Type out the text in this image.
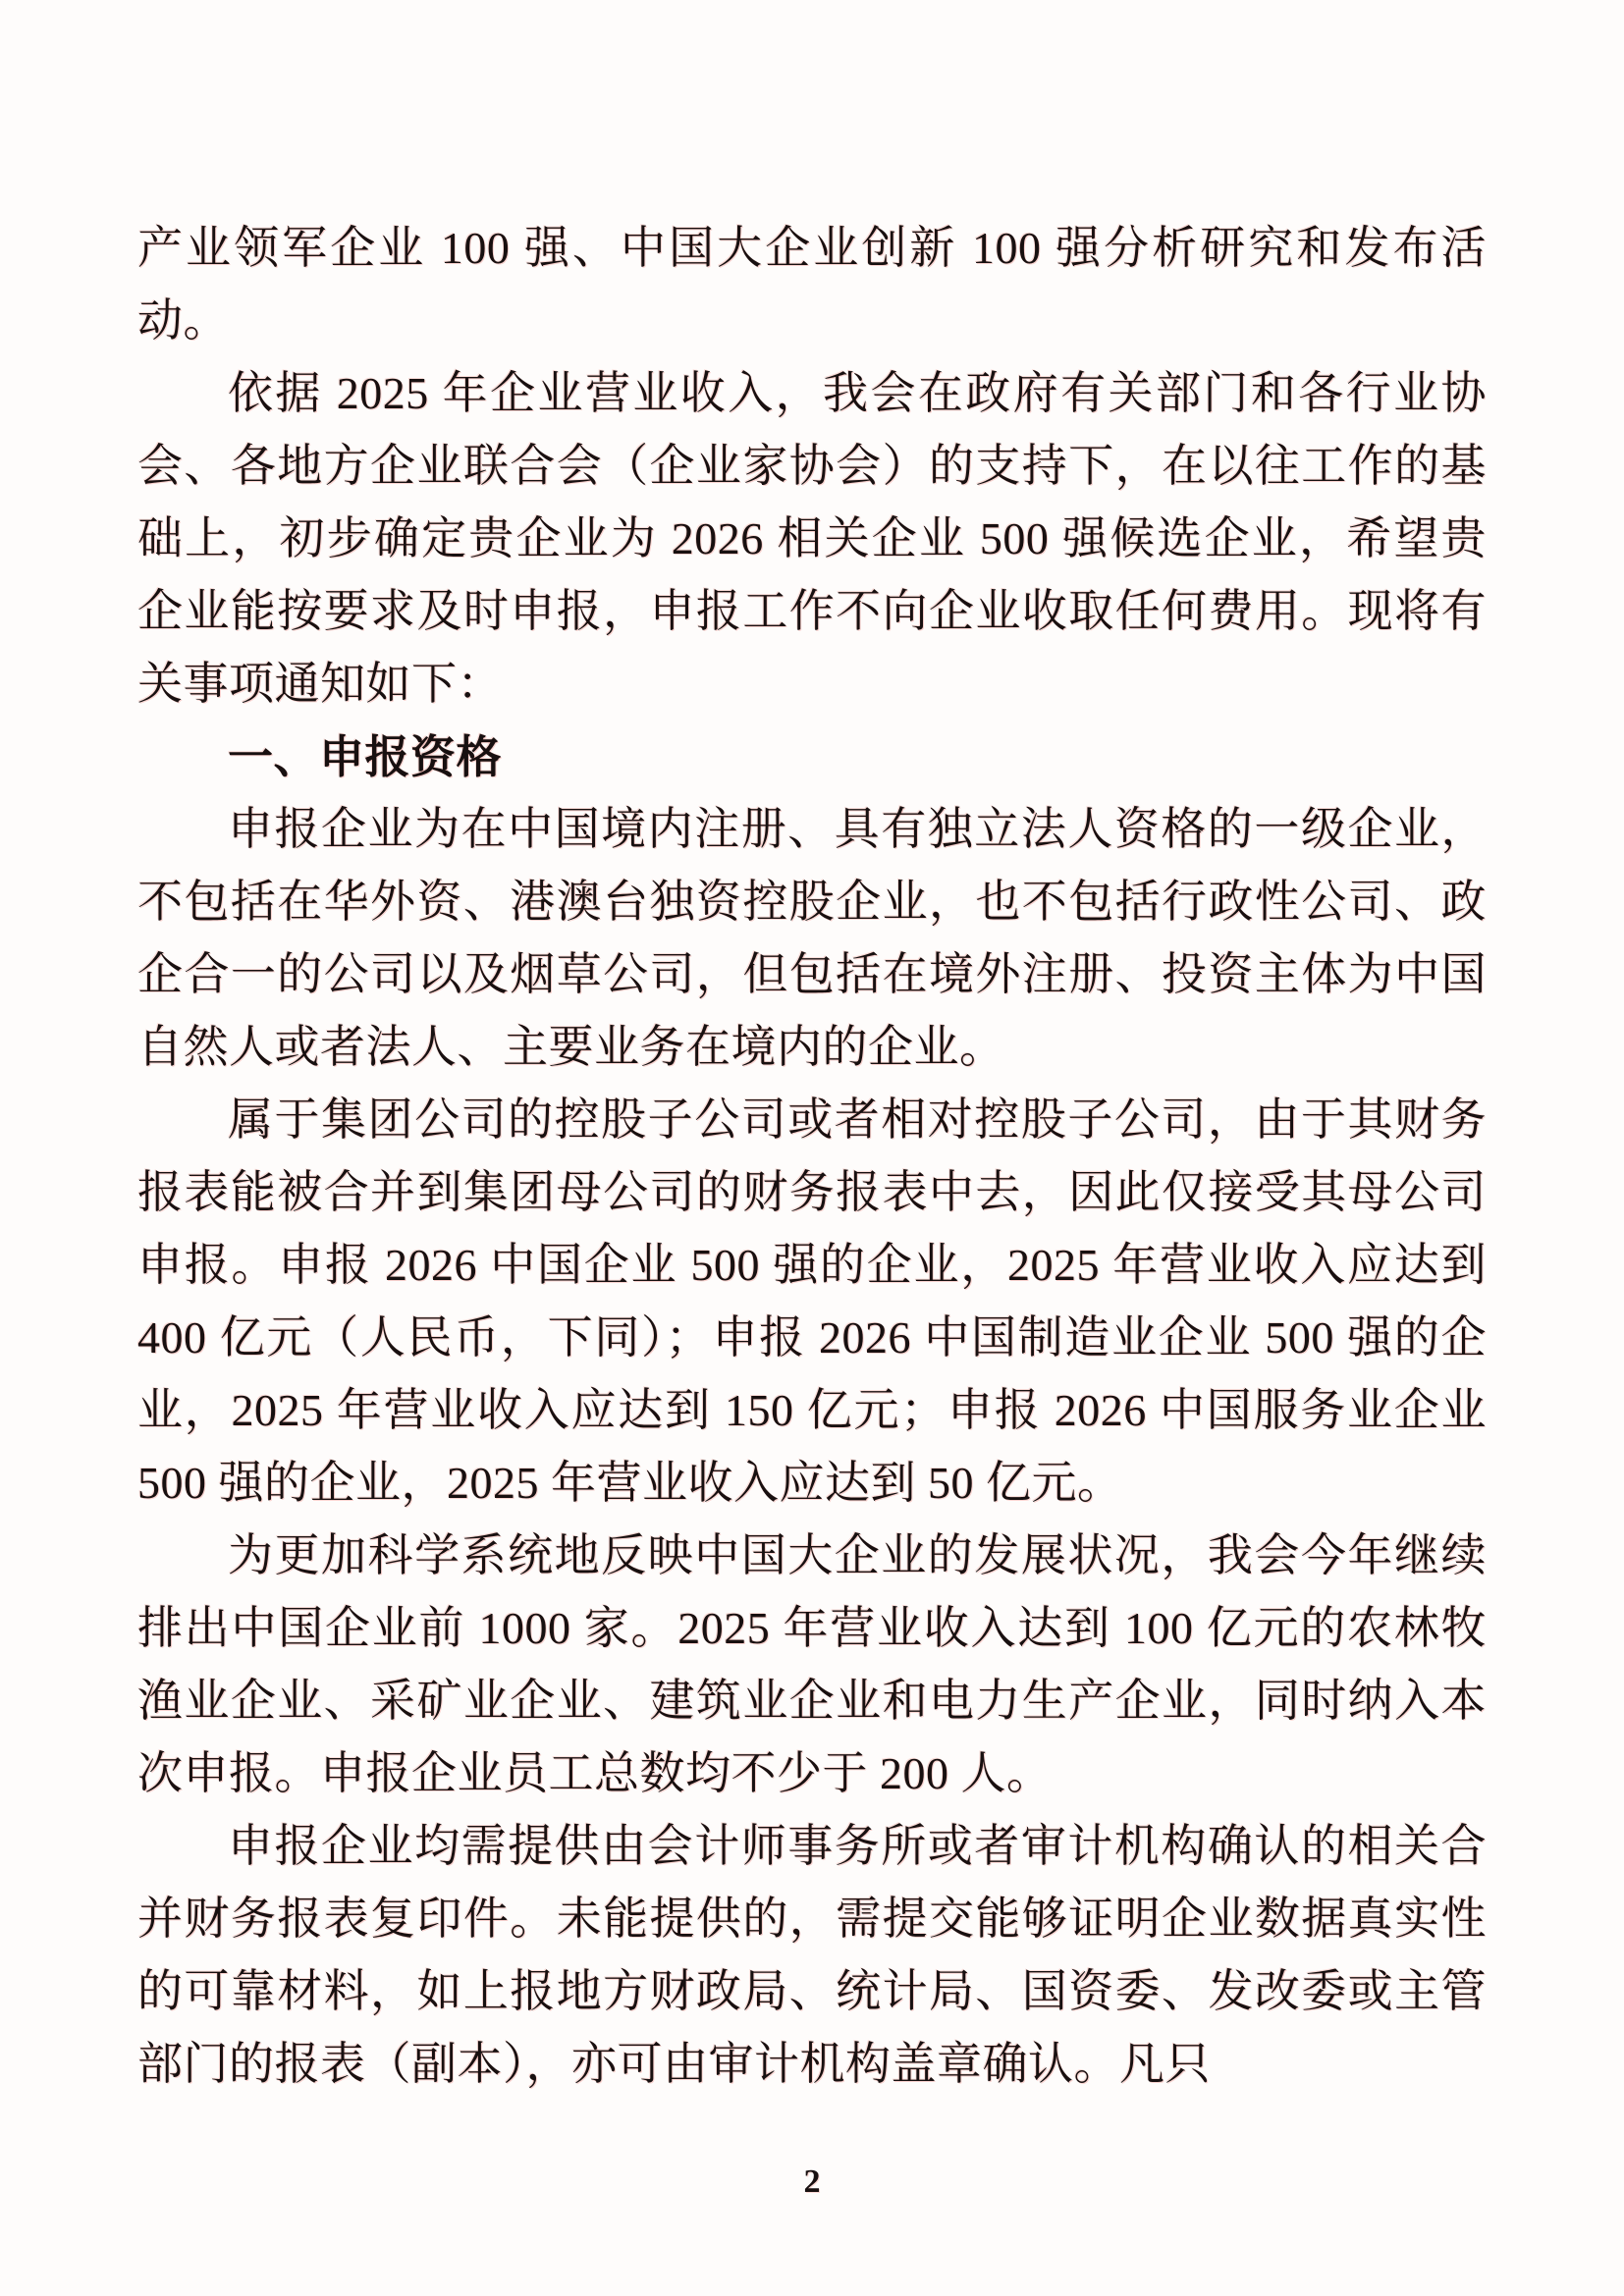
产业领军企业 100 强、中国大企业创新 100 强分析研究和发布活动。

依据 2025 年企业营业收入，我会在政府有关部门和各行业协会、各地方企业联合会（企业家协会）的支持下，在以往工作的基础上，初步确定贵企业为 2026 相关企业 500 强候选企业，希望贵企业能按要求及时申报，申报工作不向企业收取任何费用。现将有关事项通知如下：

一、申报资格

申报企业为在中国境内注册、具有独立法人资格的一级企业，不包括在华外资、港澳台独资控股企业，也不包括行政性公司、政企合一的公司以及烟草公司，但包括在境外注册、投资主体为中国自然人或者法人、主要业务在境内的企业。

属于集团公司的控股子公司或者相对控股子公司，由于其财务报表能被合并到集团母公司的财务报表中去，因此仅接受其母公司申报。申报 2026 中国企业 500 强的企业，2025 年营业收入应达到 400 亿元（人民币，下同）；申报 2026 中国制造业企业 500 强的企业，2025 年营业收入应达到 150 亿元；申报 2026 中国服务业企业 500 强的企业，2025 年营业收入应达到 50 亿元。

为更加科学系统地反映中国大企业的发展状况，我会今年继续排出中国企业前 1000 家。2025 年营业收入达到 100 亿元的农林牧渔业企业、采矿业企业、建筑业企业和电力生产企业，同时纳入本次申报。申报企业员工总数均不少于 200 人。

申报企业均需提供由会计师事务所或者审计机构确认的相关合并财务报表复印件。未能提供的，需提交能够证明企业数据真实性的可靠材料，如上报地方财政局、统计局、国资委、发改委或主管部门的报表（副本），亦可由审计机构盖章确认。凡只

2
